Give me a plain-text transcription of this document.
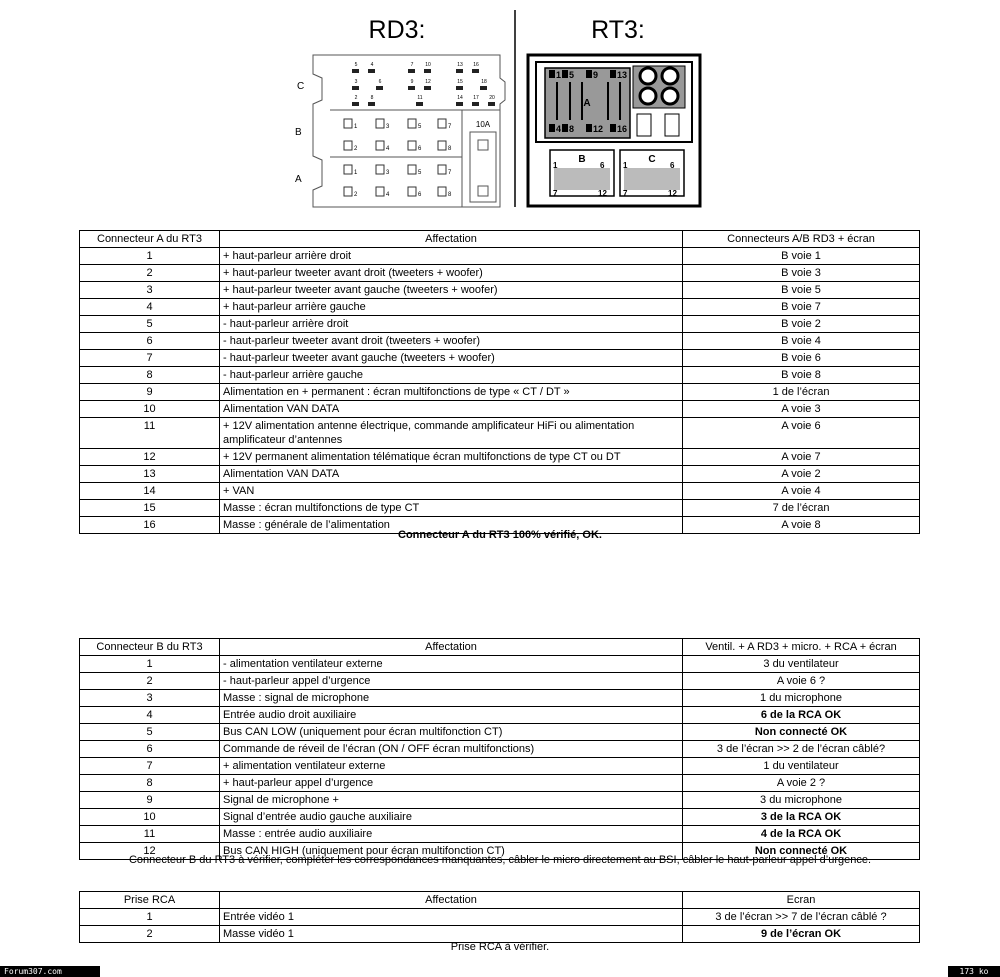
RD3:	RT3:
C
B
A
10A
5	4	7 10	13 16
3	6	9 12	15	18
2	8	11	14 17 20
1	3	5	7
2	4	6	8
1	3	5	7
2	4	6	8
A
1 5 9 13
4 8 12 16
B	C
1	6
7	12
1	6
7	12
Connecteur A du RT3	Affectation	Connecteurs A/B RD3 + écran
1	+ haut-parleur arrière droit	B voie 1
2	+ haut-parleur tweeter avant droit (tweeters + woofer)	B voie 3
3	+ haut-parleur tweeter avant gauche (tweeters + woofer)	B voie 5
4	+ haut-parleur arrière gauche	B voie 7
5	- haut-parleur arrière droit	B voie 2
6	- haut-parleur tweeter avant droit (tweeters + woofer)	B voie 4
7	- haut-parleur tweeter avant gauche (tweeters + woofer)	B voie 6
8	- haut-parleur arrière gauche	B voie 8
9	Alimentation en + permanent : écran multifonctions de type « CT / DT »	1 de l’écran
10	Alimentation VAN DATA	A voie 3
11	+ 12V alimentation antenne électrique, commande amplificateur HiFi ou alimentation amplificateur d’antennes	A voie 6
12	+ 12V permanent alimentation télématique écran multifonctions de type CT ou DT	A voie 7
13	Alimentation VAN DATA	A voie 2
14	+ VAN	A voie 4
15	Masse : écran multifonctions de type CT	7 de l’écran
16	Masse : générale de l’alimentation	A voie 8
Connecteur A du RT3 100% vérifié, OK.
Connecteur B du RT3	Affectation	Ventil. + A RD3 + micro. + RCA + écran
1	- alimentation ventilateur externe	3 du ventilateur
2	- haut-parleur appel d’urgence	A voie 6 ?
3	Masse : signal de microphone	1 du microphone
4	Entrée audio droit auxiliaire	6 de la RCA OK
5	Bus CAN LOW (uniquement pour écran multifonction CT)	Non connecté OK
6	Commande de réveil de l’écran (ON / OFF écran multifonctions)	3 de l’écran >> 2 de l’écran câblé?
7	+ alimentation ventilateur externe	1 du ventilateur
8	+ haut-parleur appel d’urgence	A voie 2 ?
9	Signal de microphone +	3 du microphone
10	Signal d’entrée audio gauche auxiliaire	3 de la RCA OK
11	Masse : entrée audio auxiliaire	4 de la RCA OK
12	Bus CAN HIGH (uniquement pour écran multifonction CT)	Non connecté OK
Connecteur B du RT3 à vérifier, compléter les correspondances manquantes, câbler le micro directement au BSI, câbler le haut-parleur appel d’urgence.
Prise RCA	Affectation	Ecran
1	Entrée vidéo 1	3 de l’écran >> 7 de l’écran câblé ?
2	Masse vidéo 1	9 de l’écran OK
Prise RCA à vérifier.
Forum307.com	173 ko
